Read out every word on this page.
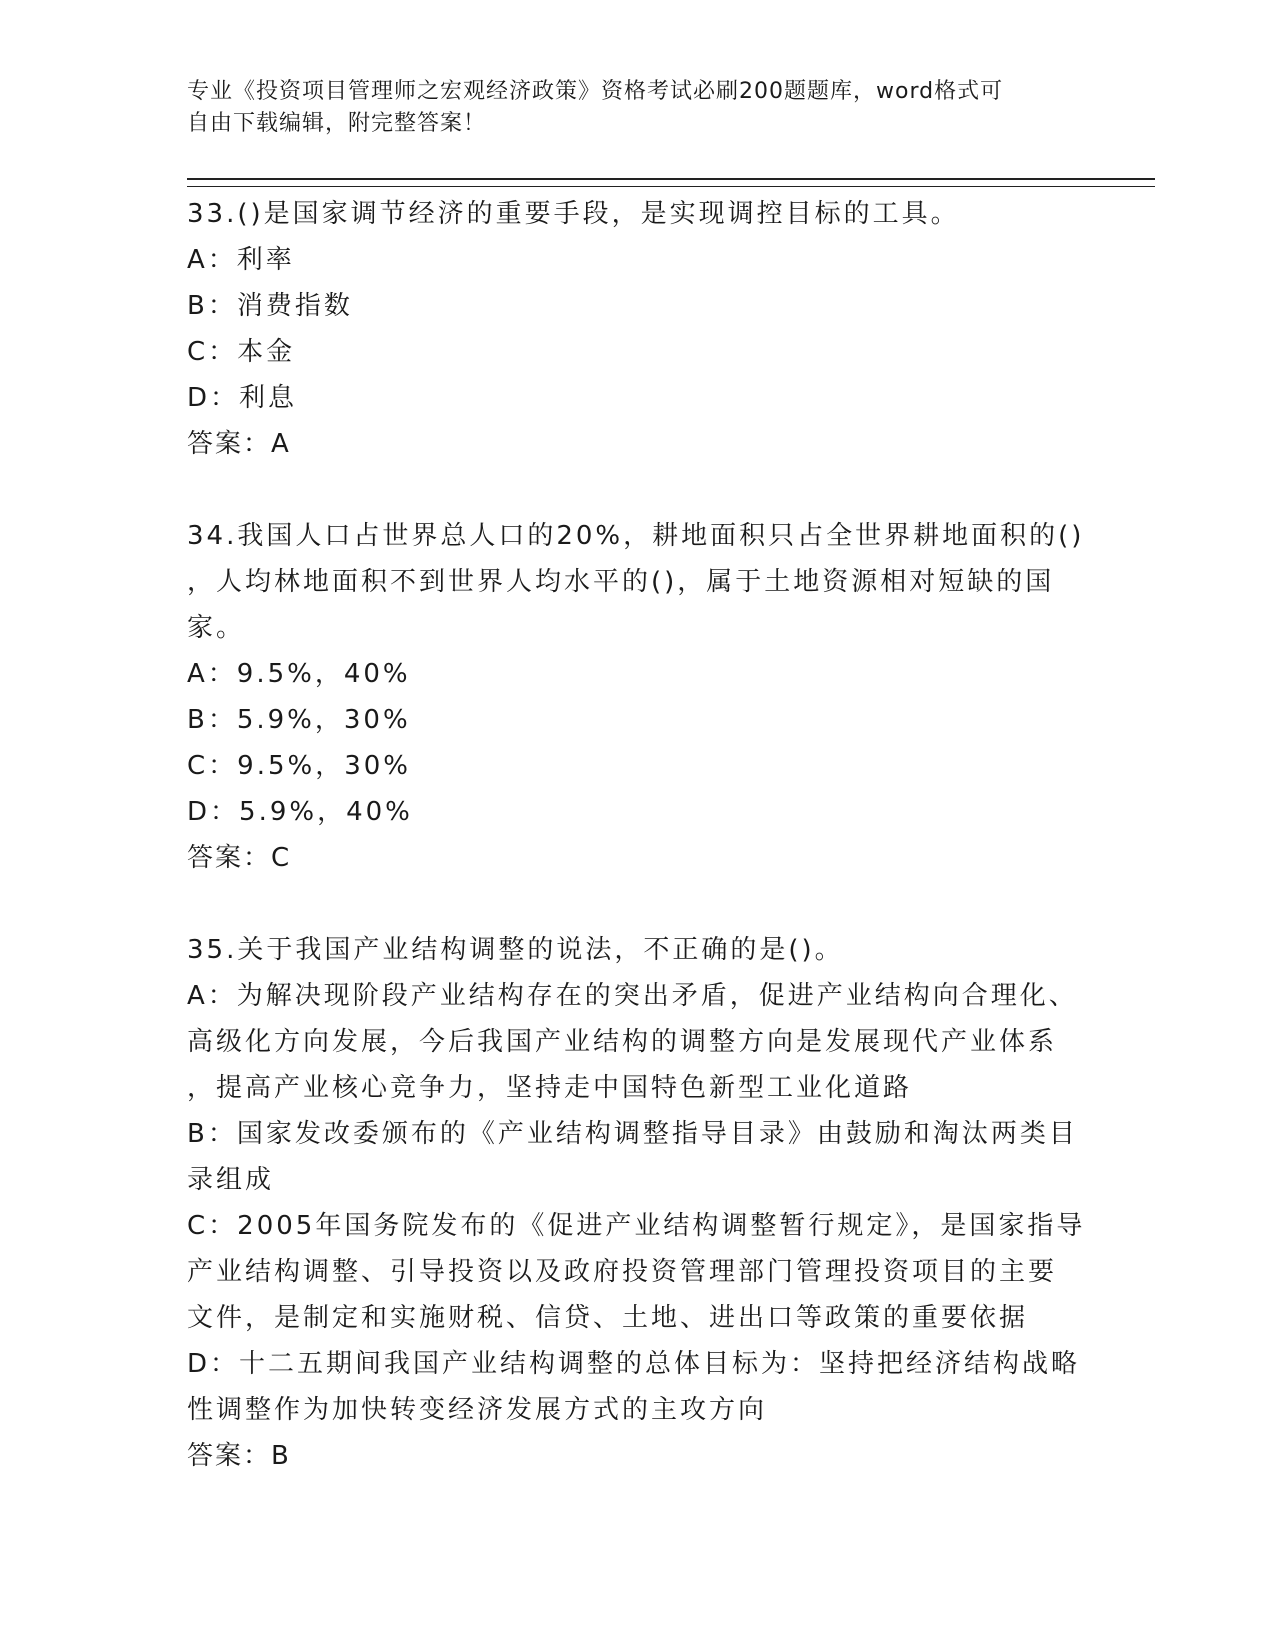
专业《投资项目管理师之宏观经济政策》资格考试必刷200题题库，word格式可
自由下载编辑，附完整答案！
33.()是国家调节经济的重要手段，是实现调控目标的工具。
A：利率
B：消费指数
C：本金
D：利息
答案：A
34.我国人口占世界总人口的20%，耕地面积只占全世界耕地面积的()
，人均林地面积不到世界人均水平的()，属于土地资源相对短缺的国
家。
A：9.5%，40%
B：5.9%，30%
C：9.5%，30%
D：5.9%，40%
答案：C
35.关于我国产业结构调整的说法，不正确的是()。
A：为解决现阶段产业结构存在的突出矛盾，促进产业结构向合理化、
高级化方向发展，今后我国产业结构的调整方向是发展现代产业体系
，提高产业核心竞争力，坚持走中国特色新型工业化道路
B：国家发改委颁布的《产业结构调整指导目录》由鼓励和淘汰两类目
录组成
C：2005年国务院发布的《促进产业结构调整暂行规定》，是国家指导
产业结构调整、引导投资以及政府投资管理部门管理投资项目的主要
文件，是制定和实施财税、信贷、土地、进出口等政策的重要依据
D：十二五期间我国产业结构调整的总体目标为：坚持把经济结构战略
性调整作为加快转变经济发展方式的主攻方向
答案：B
